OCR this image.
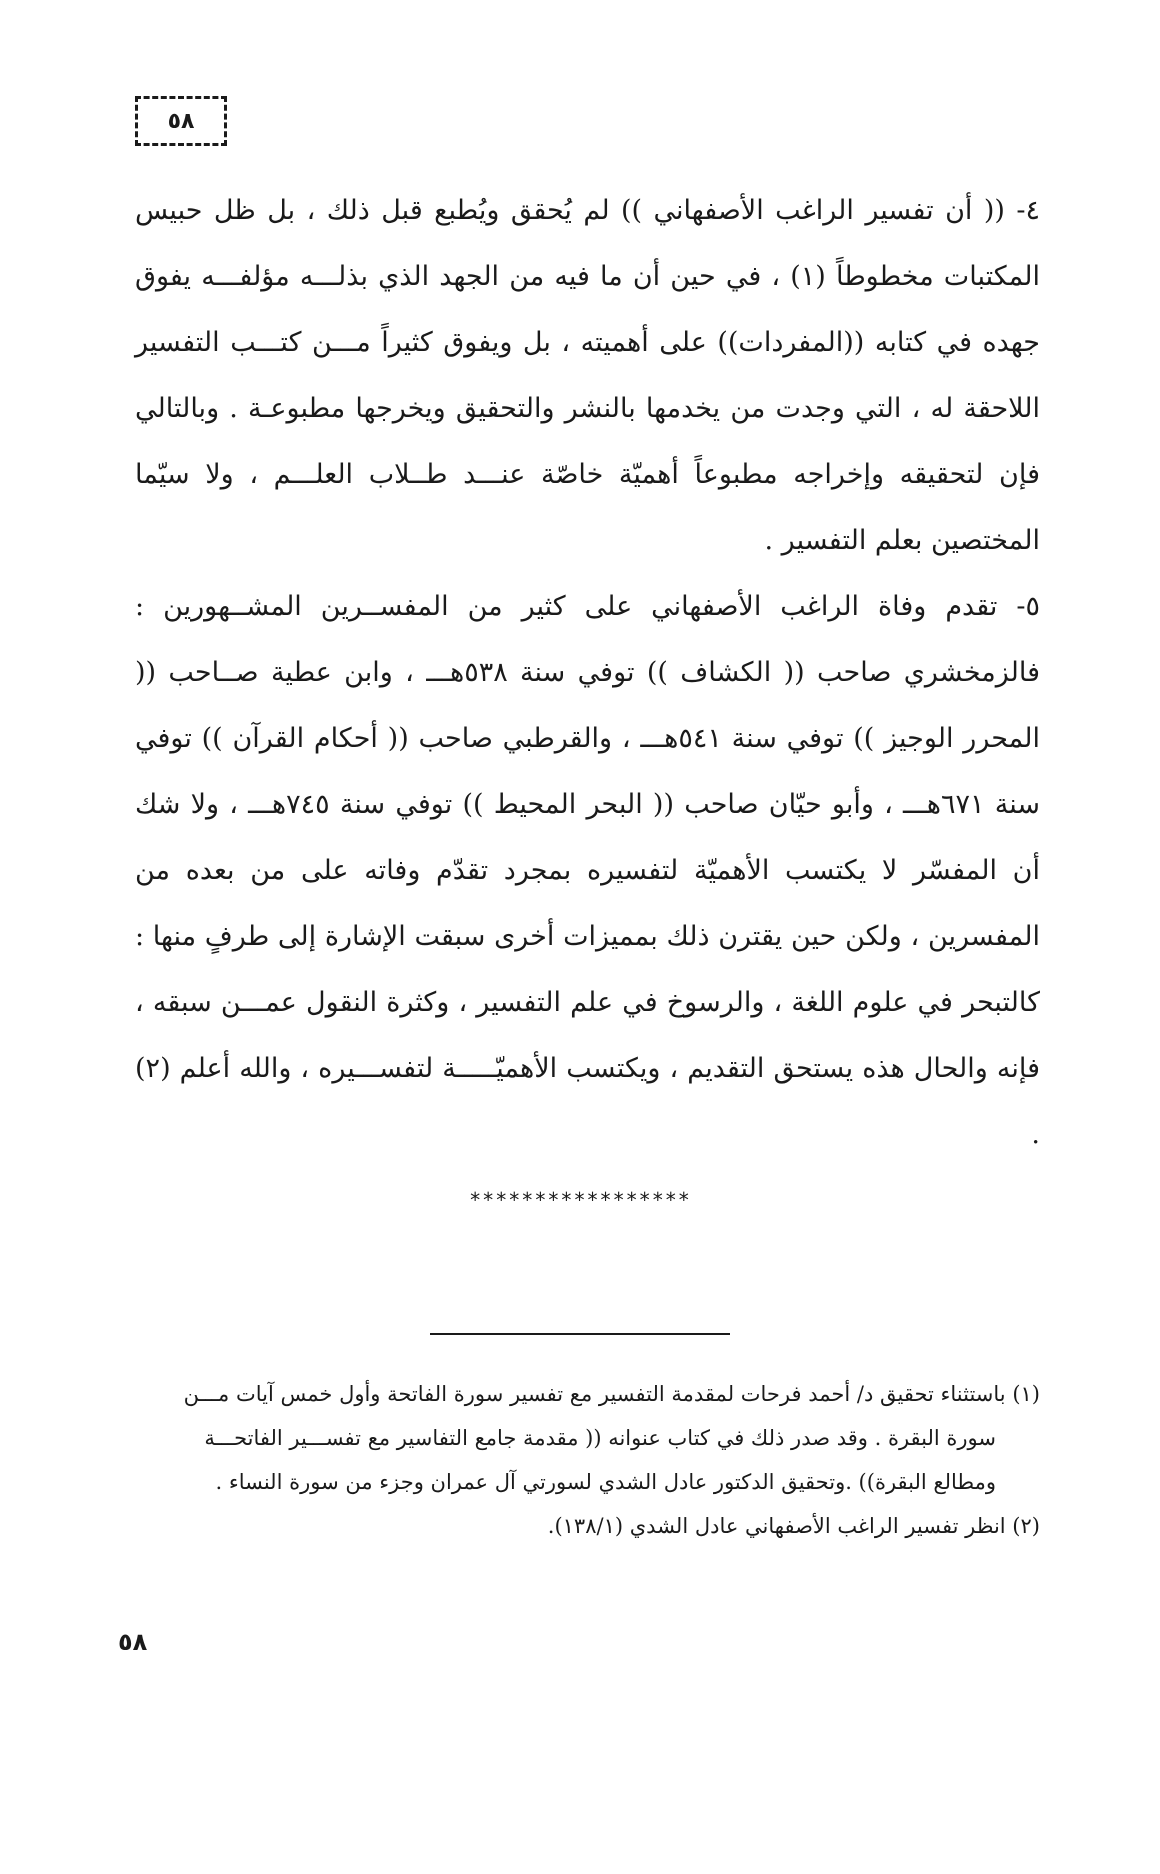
٥٨

٤- (( أن تفسير الراغب الأصفهاني )) لم يُحقق ويُطبع قبل ذلك ، بل ظل حبيس المكتبات مخطوطاً (١) ، في حين أن ما فيه من الجهد الذي بذلـــه مؤلفـــه يفوق جهده في كتابه ((المفردات)) على أهميته ، بل ويفوق كثيراً مـــن كتـــب التفسير اللاحقة له ، التي وجدت من يخدمها بالنشر والتحقيق ويخرجها مطبوعـة . وبالتالي فإن لتحقيقه وإخراجه مطبوعاً أهميّة خاصّة عنـــد طــلاب العلـــم ، ولا سيّما المختصين بعلم التفسير .

٥- تقدم وفاة الراغب الأصفهاني على كثير من المفســرين المشــهورين : فالزمخشري صاحب (( الكشاف )) توفي سنة ٥٣٨هـــ ، وابن عطية صــاحب (( المحرر الوجيز )) توفي سنة ٥٤١هـــ ، والقرطبي صاحب (( أحكام القرآن )) توفي سنة ٦٧١هـــ ، وأبو حيّان صاحب (( البحر المحيط )) توفي سنة ٧٤٥هـــ ، ولا شك أن المفسّر لا يكتسب الأهميّة لتفسيره بمجرد تقدّم وفاته على من بعده من المفسرين ، ولكن حين يقترن ذلك بمميزات أخرى سبقت الإشارة إلى طرفٍ منها : كالتبحر في علوم اللغة ، والرسوخ في علم التفسير ، وكثرة النقول عمـــن سبقه ، فإنه والحال هذه يستحق التقديم ، ويكتسب الأهميّـــــة لتفســـيره ، والله أعلم (٢) .

*****************

(١) باستثناء تحقيق د/ أحمد فرحات لمقدمة التفسير مع تفسير سورة الفاتحة وأول خمس آيات مـــن

سورة البقرة . وقد صدر ذلك في كتاب عنوانه (( مقدمة جامع التفاسير مع تفســـير الفاتحـــة

ومطالع البقرة)) .وتحقيق الدكتور عادل الشدي لسورتي آل عمران وجزء من سورة النساء .

(٢) انظر تفسير الراغب الأصفهاني عادل الشدي (١٣٨/١).

٥٨
